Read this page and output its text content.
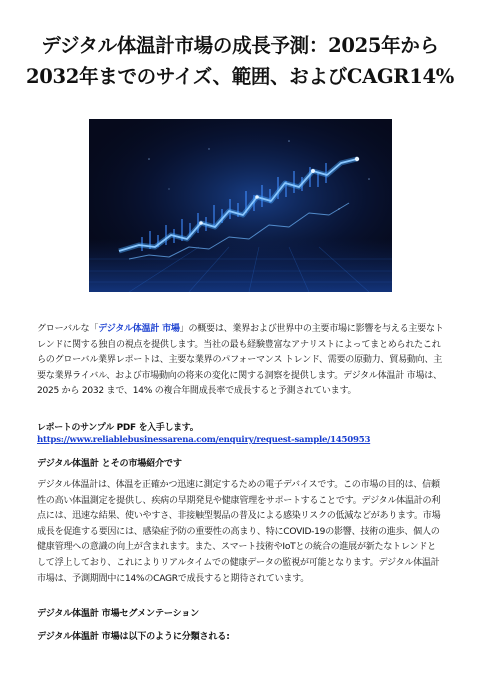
デジタル体温計市場の成長予測：2025年から
2032年までのサイズ、範囲、およびCAGR14%

グローバルな「デジタル体温計 市場」の概要は、業界および世界中の主要市場に影響を与える主要なトレンドに関する独自の視点を提供します。当社の最も経験豊富なアナリストによってまとめられたこれらのグローバル業界レポートは、主要な業界のパフォーマンス トレンド、需要の原動力、貿易動向、主要な業界ライバル、および市場動向の将来の変化に関する洞察を提供します。デジタル体温計 市場は、2025 から 2032 まで、14% の複合年間成長率で成長すると予測されています。

レポートのサンプル PDF を入手します。 https://www.reliablebusinessarena.com/enquiry/request-sample/1450953

デジタル体温計 とその市場紹介です

デジタル体温計は、体温を正確かつ迅速に測定するための電子デバイスです。この市場の目的は、信頼性の高い体温測定を提供し、疾病の早期発見や健康管理をサポートすることです。デジタル体温計の利点には、迅速な結果、使いやすさ、非接触型製品の普及による感染リスクの低減などがあります。市場成長を促進する要因には、感染症予防の重要性の高まり、特にCOVID-19の影響、技術の進歩、個人の健康管理への意識の向上が含まれます。また、スマート技術やIoTとの統合の進展が新たなトレンドとして浮上しており、これによりリアルタイムでの健康データの監視が可能となります。デジタル体温計市場は、予測期間中に14%のCAGRで成長すると期待されています。

デジタル体温計 市場セグメンテーション
デジタル体温計 市場は以下のように分類される:
